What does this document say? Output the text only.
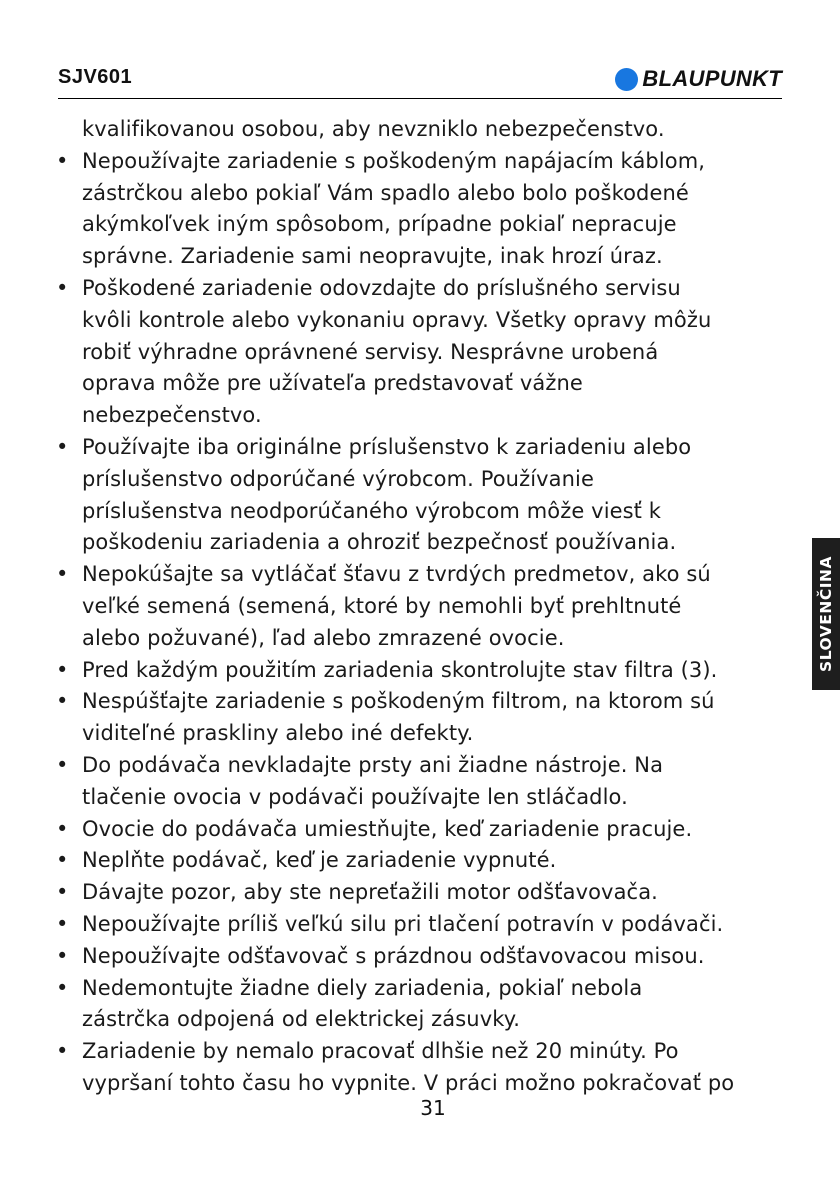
SJV601	BLAUPUNKT
kvalifikovanou osobou, aby nevzniklo nebezpečenstvo.
• Nepoužívajte zariadenie s poškodeným napájacím káblom,
zástrčkou alebo pokiaľ Vám spadlo alebo bolo poškodené
akýmkoľvek iným spôsobom, prípadne pokiaľ nepracuje
správne. Zariadenie sami neopravujte, inak hrozí úraz.
• Poškodené zariadenie odovzdajte do príslušného servisu
kvôli kontrole alebo vykonaniu opravy. Všetky opravy môžu
robiť výhradne oprávnené servisy. Nesprávne urobená
oprava môže pre užívateľa predstavovať vážne
nebezpečenstvo.
• Používajte iba originálne príslušenstvo k zariadeniu alebo
príslušenstvo odporúčané výrobcom. Používanie
príslušenstva neodporúčaného výrobcom môže viesť k
poškodeniu zariadenia a ohroziť bezpečnosť používania.
• Nepokúšajte sa vytláčať šťavu z tvrdých predmetov, ako sú
veľké semená (semená, ktoré by nemohli byť prehltnuté
alebo požuvané), ľad alebo zmrazené ovocie.
• Pred každým použitím zariadenia skontrolujte stav filtra (3).
• Nespúšťajte zariadenie s poškodeným filtrom, na ktorom sú
viditeľné praskliny alebo iné defekty.
• Do podávača nevkladajte prsty ani žiadne nástroje. Na
tlačenie ovocia v podávači používajte len stláčadlo.
• Ovocie do podávača umiestňujte, keď zariadenie pracuje.
• Neplňte podávač, keď je zariadenie vypnuté.
• Dávajte pozor, aby ste nepreťažili motor odšťavovača.
• Nepoužívajte príliš veľkú silu pri tlačení potravín v podávači.
• Nepoužívajte odšťavovač s prázdnou odšťavovacou misou.
• Nedemontujte žiadne diely zariadenia, pokiaľ nebola
zástrčka odpojená od elektrickej zásuvky.
• Zariadenie by nemalo pracovať dlhšie než 20 minúty. Po
vypršaní tohto času ho vypnite. V práci možno pokračovať po
SLOVENČINA
31
